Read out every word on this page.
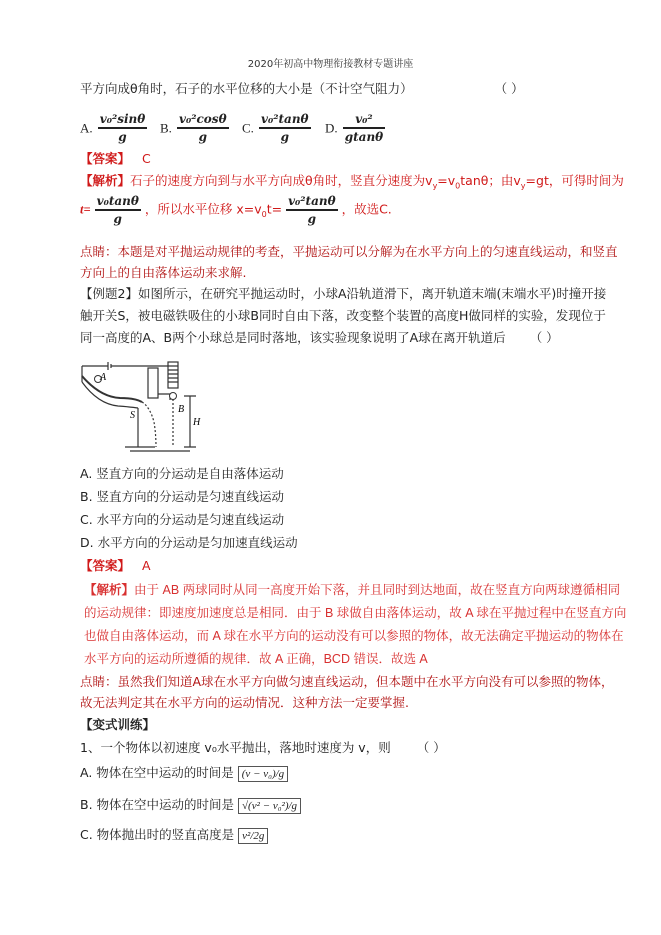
2020年初高中物理衔接教材专题讲座
平方向成θ角时，石子的水平位移的大小是（不计空气阻力）	（ ）
A. $\frac{\text{v₀²sinθ}}{g} B$. $\frac{\text{v₀²cosθ}}{g} C$. $\frac{\text{v₀²tanθ}}{g} D$. $\frac{\text{v₀²}}{gtan\theta}$
【答案】 C
【解析】石子的速度方向到与水平方向成θ角时，竖直分速度为$v_y=v_0\tan\theta$；由$v_y=gt$，可得时间为
$t= \frac{\text{v₀tanθ}}{g}$ ，所以水平位移 $x=v_0t= \frac{\text{v₀²tanθ}}{g}$ ，故选C.
点睛：本题是对平抛运动规律的考查，平抛运动可以分解为在水平方向上的匀速直线运动，和竖直
方向上的自由落体运动来求解.
【例题2】如图所示，在研究平抛运动时，小球A沿轨道滑下，离开轨道末端(末端水平)时撞开接
触开关S，被电磁铁吸住的小球B同时自由下落，改变整个装置的高度H做同样的实验，发现位于
同一高度的A、B两个小球总是同时落地，该实验现象说明了A球在离开轨道后 （ ）
A
B
S
H
A. 竖直方向的分运动是自由落体运动
B. 竖直方向的分运动是匀速直线运动
C. 水平方向的分运动是匀速直线运动
D. 水平方向的分运动是匀加速直线运动
【答案】 A
【解析】由于 AB 两球同时从同一高度开始下落，并且同时到达地面，故在竖直方向两球遵循相同
的运动规律：即速度加速度总是相同．由于 B 球做自由落体运动，故 A 球在平抛过程中在竖直方向
也做自由落体运动，而 A 球在水平方向的运动没有可以参照的物体，故无法确定平抛运动的物体在
水平方向的运动所遵循的规律．故 A 正确，BCD 错误．故选 A
点睛：虽然我们知道A球在水平方向做匀速直线运动，但本题中在水平方向没有可以参照的物体，
故无法判定其在水平方向的运动情况．这种方法一定要掌握.
【变式训练】
1、一个物体以初速度 v₀水平抛出，落地时速度为 v，则 （ ）
A. 物体在空中运动的时间是 (v − v₀)/g
B. 物体在空中运动的时间是 √(v² − v₀²)/g
C. 物体抛出时的竖直高度是 v²/2g
